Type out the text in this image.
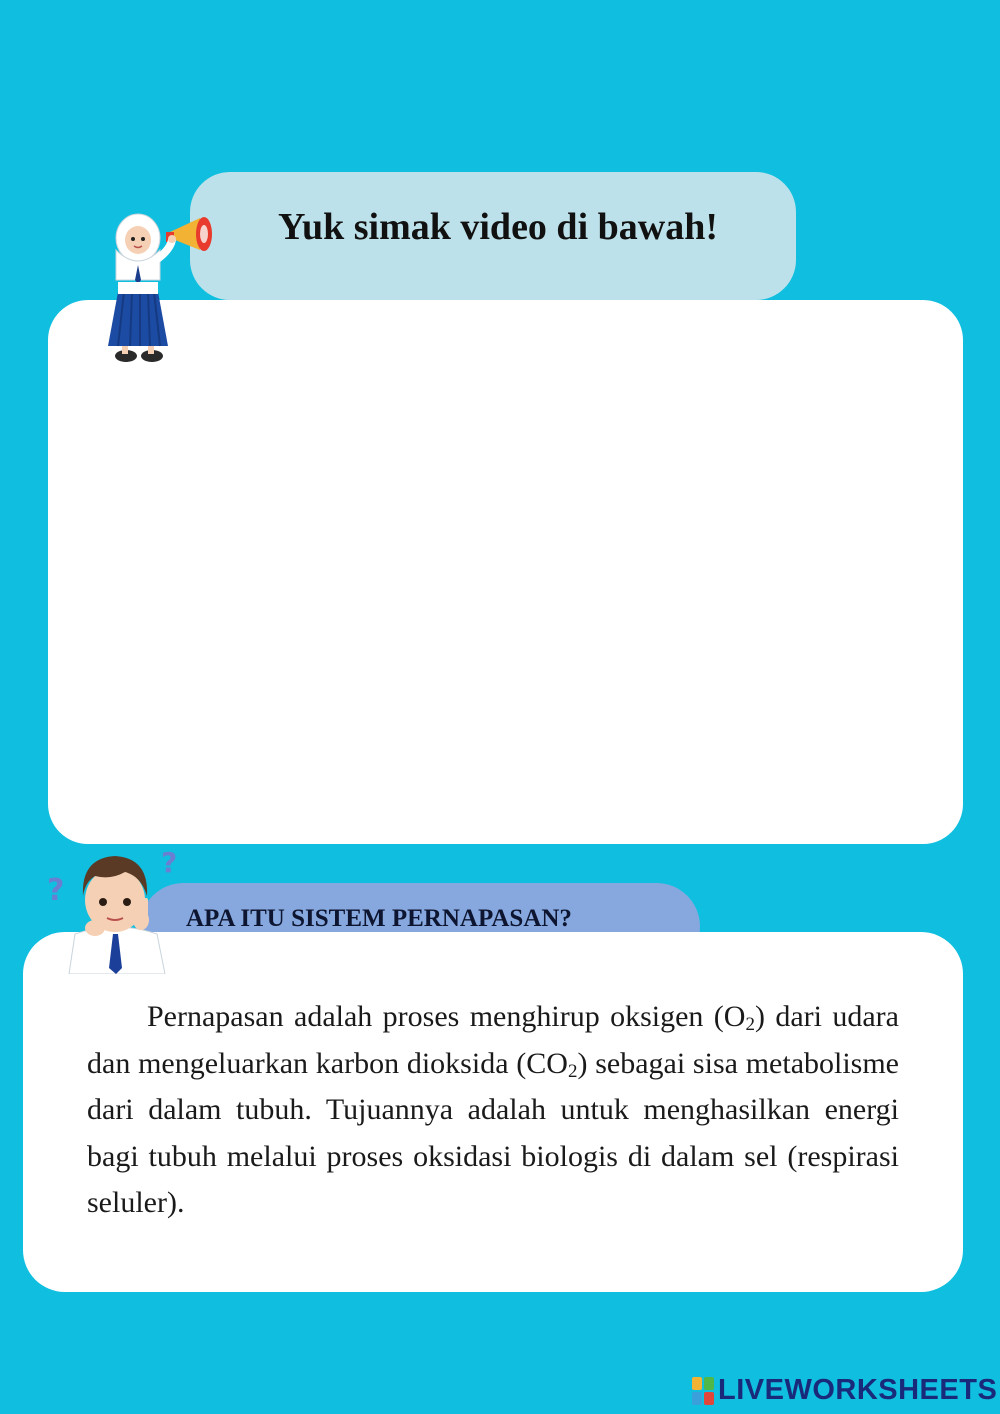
Yuk simak video di bawah!
?
?
APA ITU SISTEM PERNAPASAN?

Pernapasan adalah proses menghirup oksigen $(O_2)$ dari udara dan mengeluarkan karbon dioksida $(CO_2)$ sebagai sisa metabolisme dari dalam tubuh. Tujuannya adalah untuk menghasilkan energi bagi tubuh melalui proses oksidasi biologis di dalam sel (respirasi seluler).

LIVEWORKSHEETS
